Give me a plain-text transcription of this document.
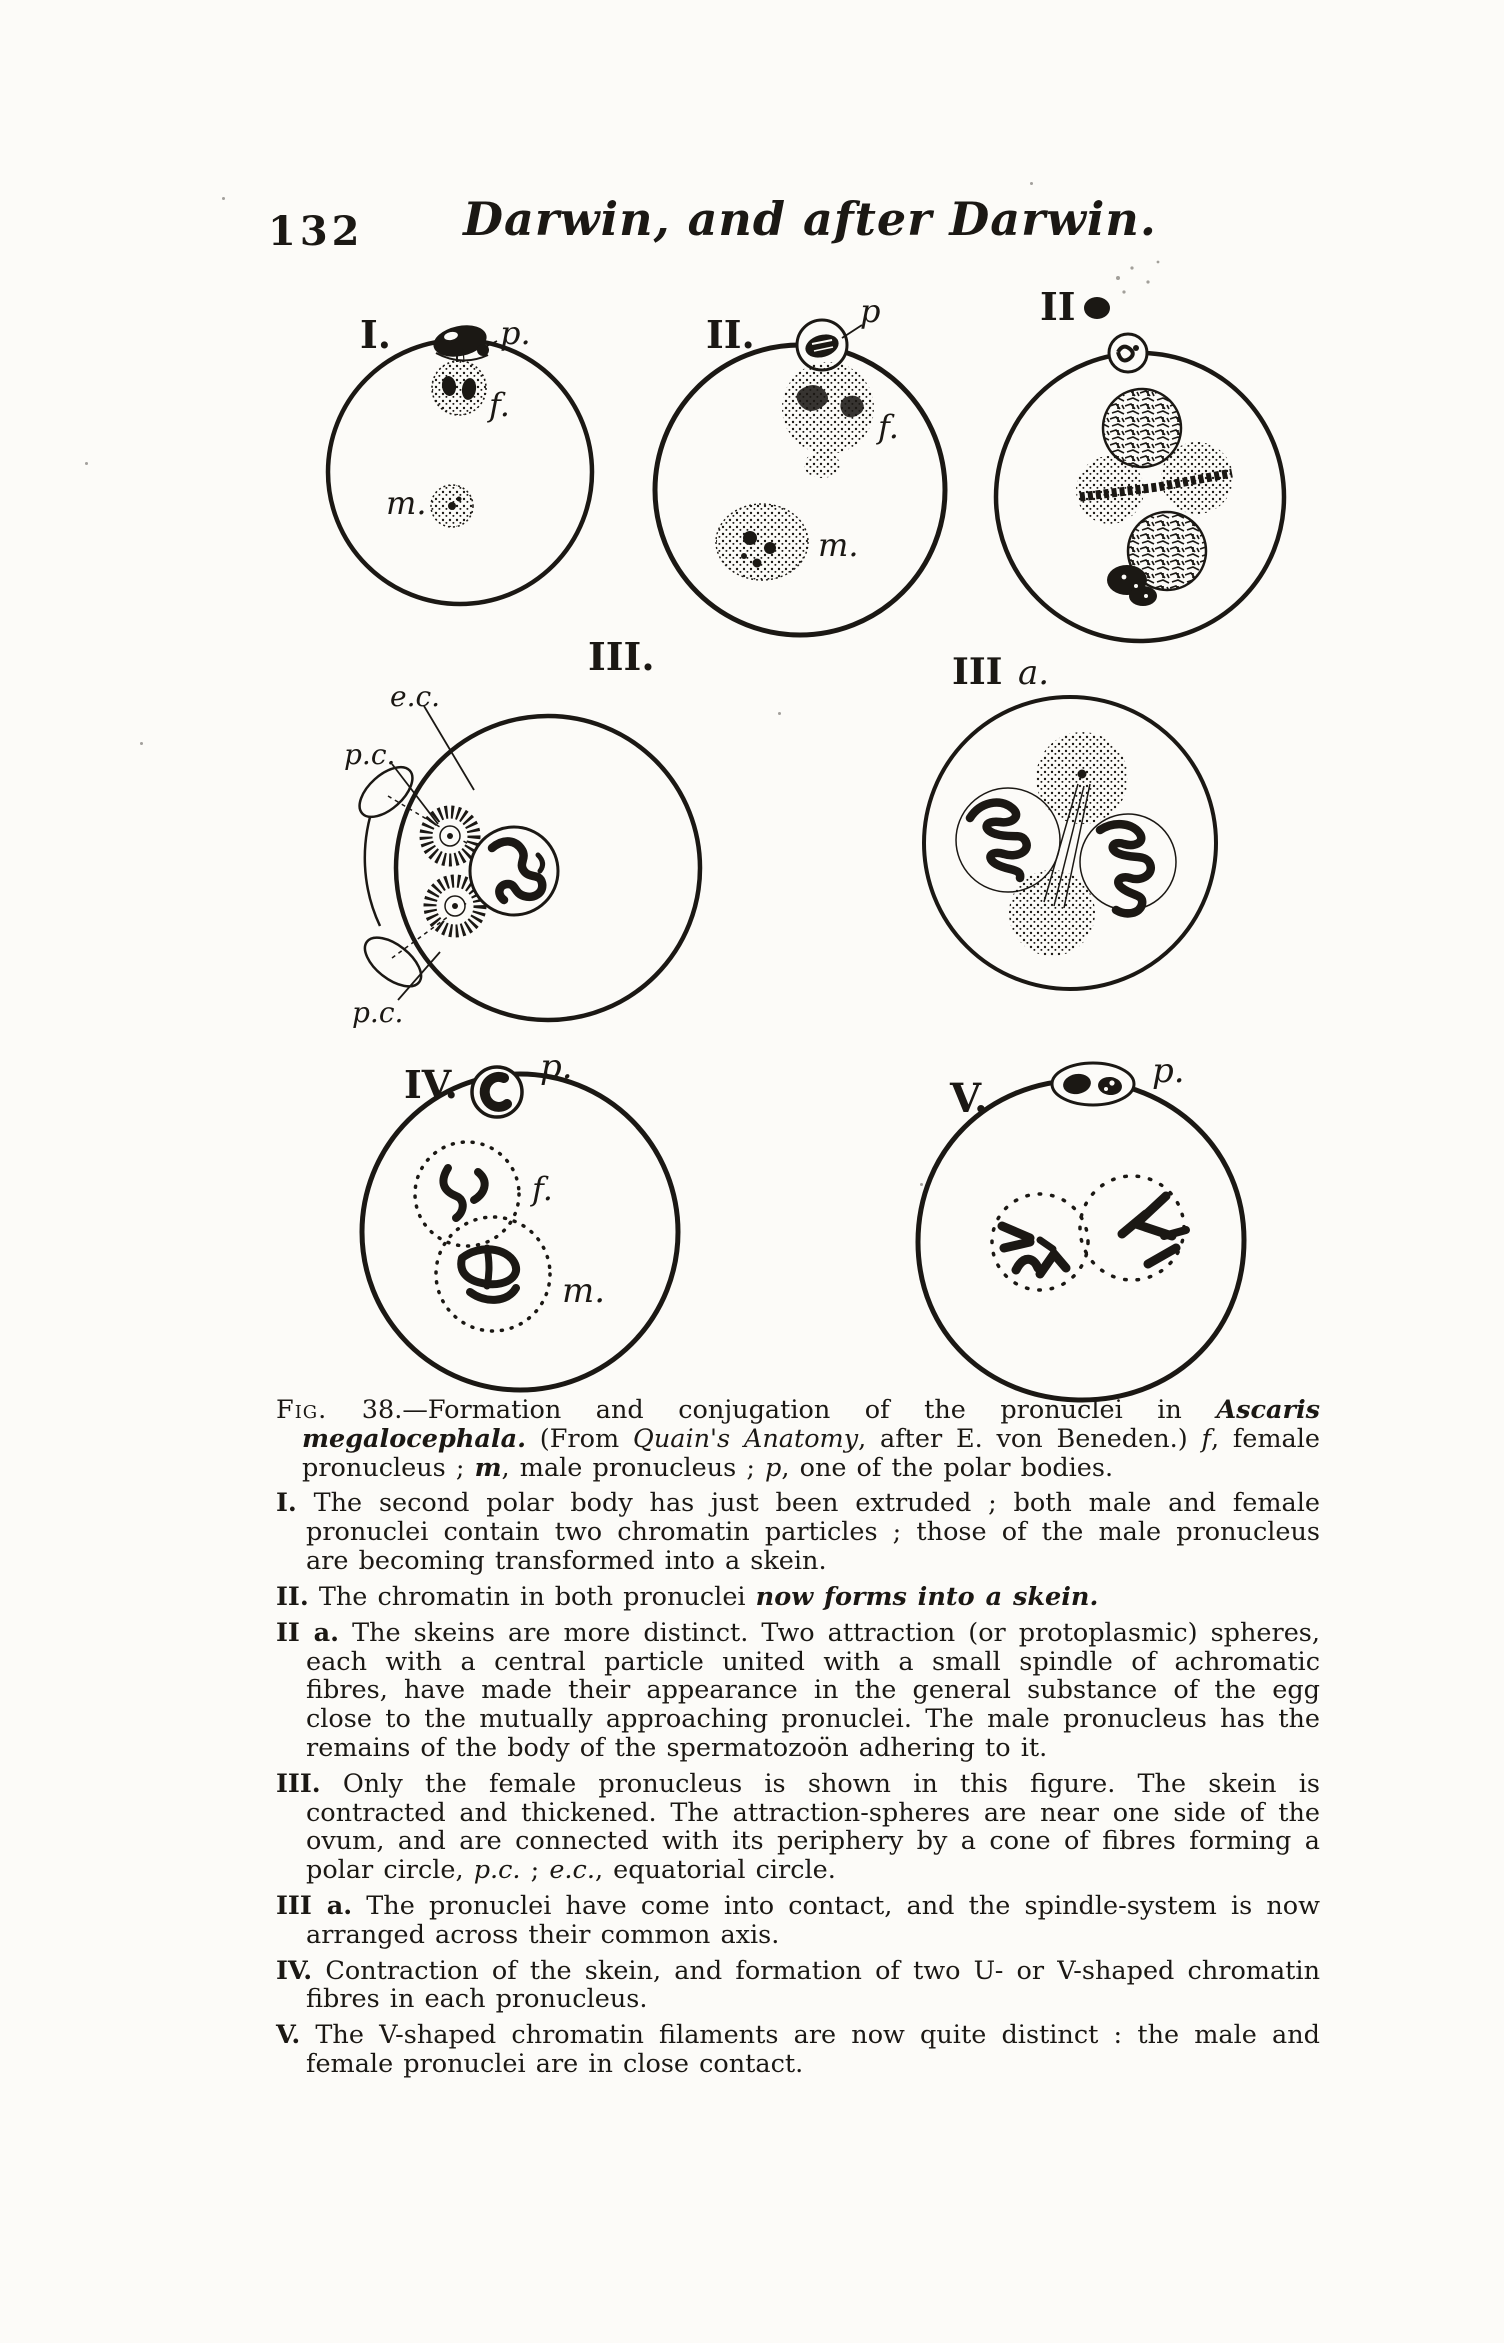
132	Darwin, and after Darwin.
I.	p.
f.
m.
II.
p
f.
m.
II
III.
e.c.
p.c.
p.c.
III a.
IV. p.
f.
m.
V.
p.

Fig. 38.—Formation and conjugation of the pronuclei in Ascaris megalocephala. (From Quain's Anatomy, after E. von Beneden.) f, female pronucleus ; m, male pronucleus ; p, one of the polar bodies.

I. The second polar body has just been extruded ; both male and female pronuclei contain two chromatin particles ; those of the male pronucleus are becoming transformed into a skein.

II. The chromatin in both pronuclei now forms into a skein.

II a. The skeins are more distinct. Two attraction (or protoplasmic) spheres, each with a central particle united with a small spindle of achromatic fibres, have made their appearance in the general substance of the egg close to the mutually approaching pronuclei. The male pronucleus has the remains of the body of the spermatozoön adhering to it.

III. Only the female pronucleus is shown in this figure. The skein is contracted and thickened. The attraction-spheres are near one side of the ovum, and are connected with its periphery by a cone of fibres forming a polar circle, p.c. ; e.c., equatorial circle.

III a. The pronuclei have come into contact, and the spindle-system is now arranged across their common axis.

IV. Contraction of the skein, and formation of two U- or V-shaped chromatin fibres in each pronucleus.

V. The V-shaped chromatin filaments are now quite distinct : the male and female pronuclei are in close contact.
